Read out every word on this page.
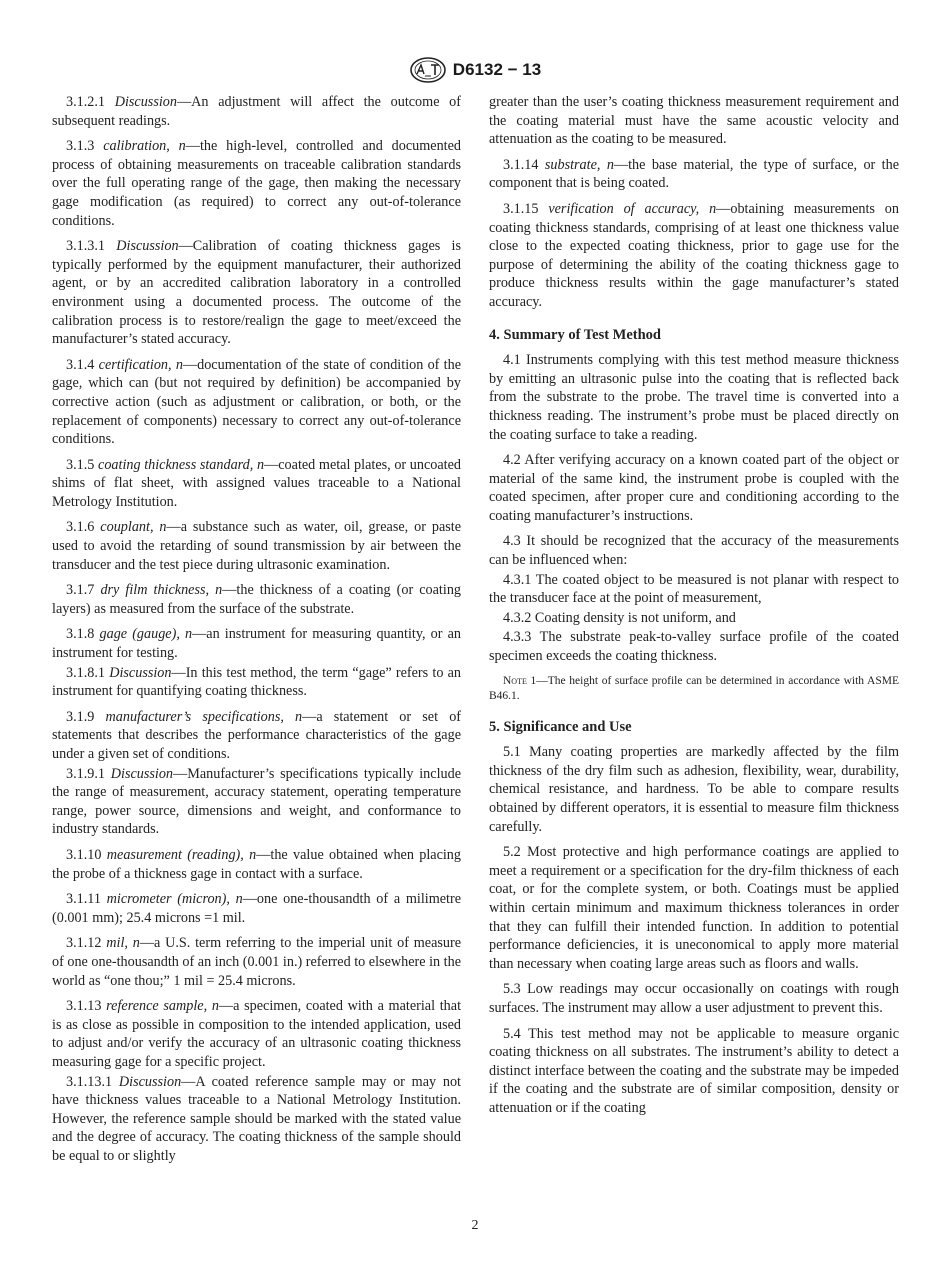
D6132 − 13

3.1.2.1 Discussion—An adjustment will affect the outcome of subsequent readings.

3.1.3 calibration, n—the high-level, controlled and documented process of obtaining measurements on traceable calibration standards over the full operating range of the gage, then making the necessary gage modification (as required) to correct any out-of-tolerance conditions.

3.1.3.1 Discussion—Calibration of coating thickness gages is typically performed by the equipment manufacturer, their authorized agent, or by an accredited calibration laboratory in a controlled environment using a documented process. The outcome of the calibration process is to restore/realign the gage to meet/exceed the manufacturer’s stated accuracy.

3.1.4 certification, n—documentation of the state of condition of the gage, which can (but not required by definition) be accompanied by corrective action (such as adjustment or calibration, or both, or the replacement of components) necessary to correct any out-of-tolerance conditions.

3.1.5 coating thickness standard, n—coated metal plates, or uncoated shims of flat sheet, with assigned values traceable to a National Metrology Institution.

3.1.6 couplant, n—a substance such as water, oil, grease, or paste used to avoid the retarding of sound transmission by air between the transducer and the test piece during ultrasonic examination.

3.1.7 dry film thickness, n—the thickness of a coating (or coating layers) as measured from the surface of the substrate.

3.1.8 gage (gauge), n—an instrument for measuring quantity, or an instrument for testing.

3.1.8.1 Discussion—In this test method, the term “gage” refers to an instrument for quantifying coating thickness.

3.1.9 manufacturer’s specifications, n—a statement or set of statements that describes the performance characteristics of the gage under a given set of conditions.

3.1.9.1 Discussion—Manufacturer’s specifications typically include the range of measurement, accuracy statement, operating temperature range, power source, dimensions and weight, and conformance to industry standards.

3.1.10 measurement (reading), n—the value obtained when placing the probe of a thickness gage in contact with a surface.

3.1.11 micrometer (micron), n—one one-thousandth of a milimetre (0.001 mm); 25.4 microns =1 mil.

3.1.12 mil, n—a U.S. term referring to the imperial unit of measure of one one-thousandth of an inch (0.001 in.) referred to elsewhere in the world as “one thou;” 1 mil = 25.4 microns.

3.1.13 reference sample, n—a specimen, coated with a material that is as close as possible in composition to the intended application, used to adjust and/or verify the accuracy of an ultrasonic coating thickness measuring gage for a specific project.

3.1.13.1 Discussion—A coated reference sample may or may not have thickness values traceable to a National Metrology Institution. However, the reference sample should be marked with the stated value and the degree of accuracy. The coating thickness of the sample should be equal to or slightly

greater than the user’s coating thickness measurement requirement and the coating material must have the same acoustic velocity and attenuation as the coating to be measured.

3.1.14 substrate, n—the base material, the type of surface, or the component that is being coated.

3.1.15 verification of accuracy, n—obtaining measurements on coating thickness standards, comprising of at least one thickness value close to the expected coating thickness, prior to gage use for the purpose of determining the ability of the coating thickness gage to produce thickness results within the gage manufacturer’s stated accuracy.

4. Summary of Test Method

4.1 Instruments complying with this test method measure thickness by emitting an ultrasonic pulse into the coating that is reflected back from the substrate to the probe. The travel time is converted into a thickness reading. The instrument’s probe must be placed directly on the coating surface to take a reading.

4.2 After verifying accuracy on a known coated part of the object or material of the same kind, the instrument probe is coupled with the coated specimen, after proper cure and conditioning according to the coating manufacturer’s instructions.

4.3 It should be recognized that the accuracy of the measurements can be influenced when:

4.3.1 The coated object to be measured is not planar with respect to the transducer face at the point of measurement,

4.3.2 Coating density is not uniform, and

4.3.3 The substrate peak-to-valley surface profile of the coated specimen exceeds the coating thickness.

Note 1—The height of surface profile can be determined in accordance with ASME B46.1.

5. Significance and Use

5.1 Many coating properties are markedly affected by the film thickness of the dry film such as adhesion, flexibility, wear, durability, chemical resistance, and hardness. To be able to compare results obtained by different operators, it is essential to measure film thickness carefully.

5.2 Most protective and high performance coatings are applied to meet a requirement or a specification for the dry-film thickness of each coat, or for the complete system, or both. Coatings must be applied within certain minimum and maximum thickness tolerances in order that they can fulfill their intended function. In addition to potential performance deficiencies, it is uneconomical to apply more material than necessary when coating large areas such as floors and walls.

5.3 Low readings may occur occasionally on coatings with rough surfaces. The instrument may allow a user adjustment to prevent this.

5.4 This test method may not be applicable to measure organic coating thickness on all substrates. The instrument’s ability to detect a distinct interface between the coating and the substrate may be impeded if the coating and the substrate are of similar composition, density or attenuation or if the coating

2
